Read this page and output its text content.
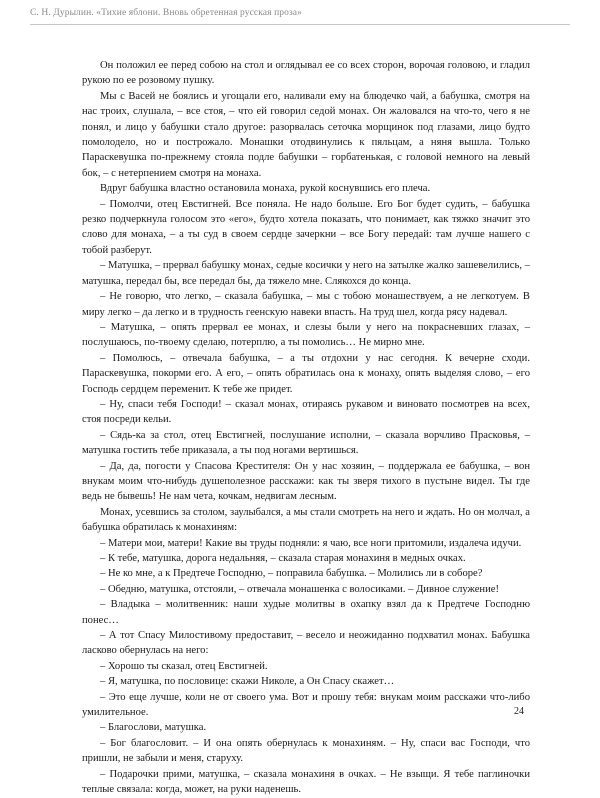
С. Н. Дурылин. «Тихие яблони. Вновь обретенная русская проза»

Он положил ее перед собою на стол и оглядывал ее со всех сторон, ворочая головою, и гладил рукою по ее розовому пушку.

Мы с Васей не боялись и угощали его, наливали ему на блюдечко чай, а бабушка, смотря на нас троих, слушала, – все стоя, – что ей говорил седой монах. Он жаловался на что-то, чего я не понял, и лицо у бабушки стало другое: разорвалась сеточка морщинок под глазами, лицо будто помолодело, но и построжало. Монашки отодвинулись к пяльцам, а няня вышла. Только Параскевушка по-прежнему стояла подле бабушки – горбатенькая, с головой немного на левый бок, – с нетерпением смотря на монаха.

Вдруг бабушка властно остановила монаха, рукой коснувшись его плеча.

– Помолчи, отец Евстигней. Все поняла. Не надо больше. Его Бог будет судить, – бабушка резко подчеркнула голосом это «его», будто хотела показать, что понимает, как тяжко значит это слово для монаха, – а ты суд в своем сердце зачеркни – все Богу передай: там лучше нашего с тобой разберут.

– Матушка, – прервал бабушку монах, седые косички у него на затылке жалко зашевелились, – матушка, передал бы, все передал бы, да тяжело мне. Слякохся до конца.

– Не говорю, что легко, – сказала бабушка, – мы с тобою монашествуем, а не легкотуем. В миру легко – да легко и в трудность геенскую навеки впасть. На труд шел, когда рясу надевал.

– Матушка, – опять прервал ее монах, и слезы были у него на покрасневших глазах, – послушаюсь, по-твоему сделаю, потерплю, а ты помолись… Не мирно мне.

– Помолюсь, – отвечала бабушка, – а ты отдохни у нас сегодня. К вечерне сходи. Параскевушка, покорми его. А его, – опять обратилась она к монаху, опять выделяя слово, – его Господь сердцем переменит. К тебе же придет.

– Ну, спаси тебя Господи! – сказал монах, отираясь рукавом и виновато посмотрев на всех, стоя посреди кельи.

– Сядь-ка за стол, отец Евстигней, послушание исполни, – сказала ворчливо Прасковья, – матушка гостить тебе приказала, а ты под ногами вертишься.

– Да, да, погости у Спасова Крестителя: Он у нас хозяин, – поддержала ее бабушка, – вон внукам моим что-нибудь душеполезное расскажи: как ты зверя тихого в пустыне видел. Ты где ведь не бывешь! Не нам чета, кочкам, недвигам лесным.

Монах, усевшись за столом, заулыбался, а мы стали смотреть на него и ждать. Но он молчал, а бабушка обратилась к монахиням:

– Матери мои, матери! Какие вы труды подняли: я чаю, все ноги притомили, издалеча идучи.

– К тебе, матушка, дорога недальняя, – сказала старая монахиня в медных очках.

– Не ко мне, а к Предтече Господню, – поправила бабушка. – Молились ли в соборе?

– Обедню, матушка, отстояли, – отвечала монашенка с волосиками. – Дивное служение!

– Владыка – молитвенник: наши худые молитвы в охапку взял да к Предтече Господню понес…

– А тот Спасу Милостивому предоставит, – весело и неожиданно подхватил монах. Бабушка ласково обернулась на него:

– Хорошо ты сказал, отец Евстигней.

– Я, матушка, по пословице: скажи Николе, а Он Спасу скажет…

– Это еще лучше, коли не от своего ума. Вот и прошу тебя: внукам моим расскажи что-либо умилительное.

– Благослови, матушка.

– Бог благословит. – И она опять обернулась к монахиням. – Ну, спаси вас Господи, что пришли, не забыли и меня, старуху.

– Подарочки прими, матушка, – сказала монахиня в очках. – Не взыщи. Я тебе паглиночки теплые связала: когда, может, на руки наденешь.

24
